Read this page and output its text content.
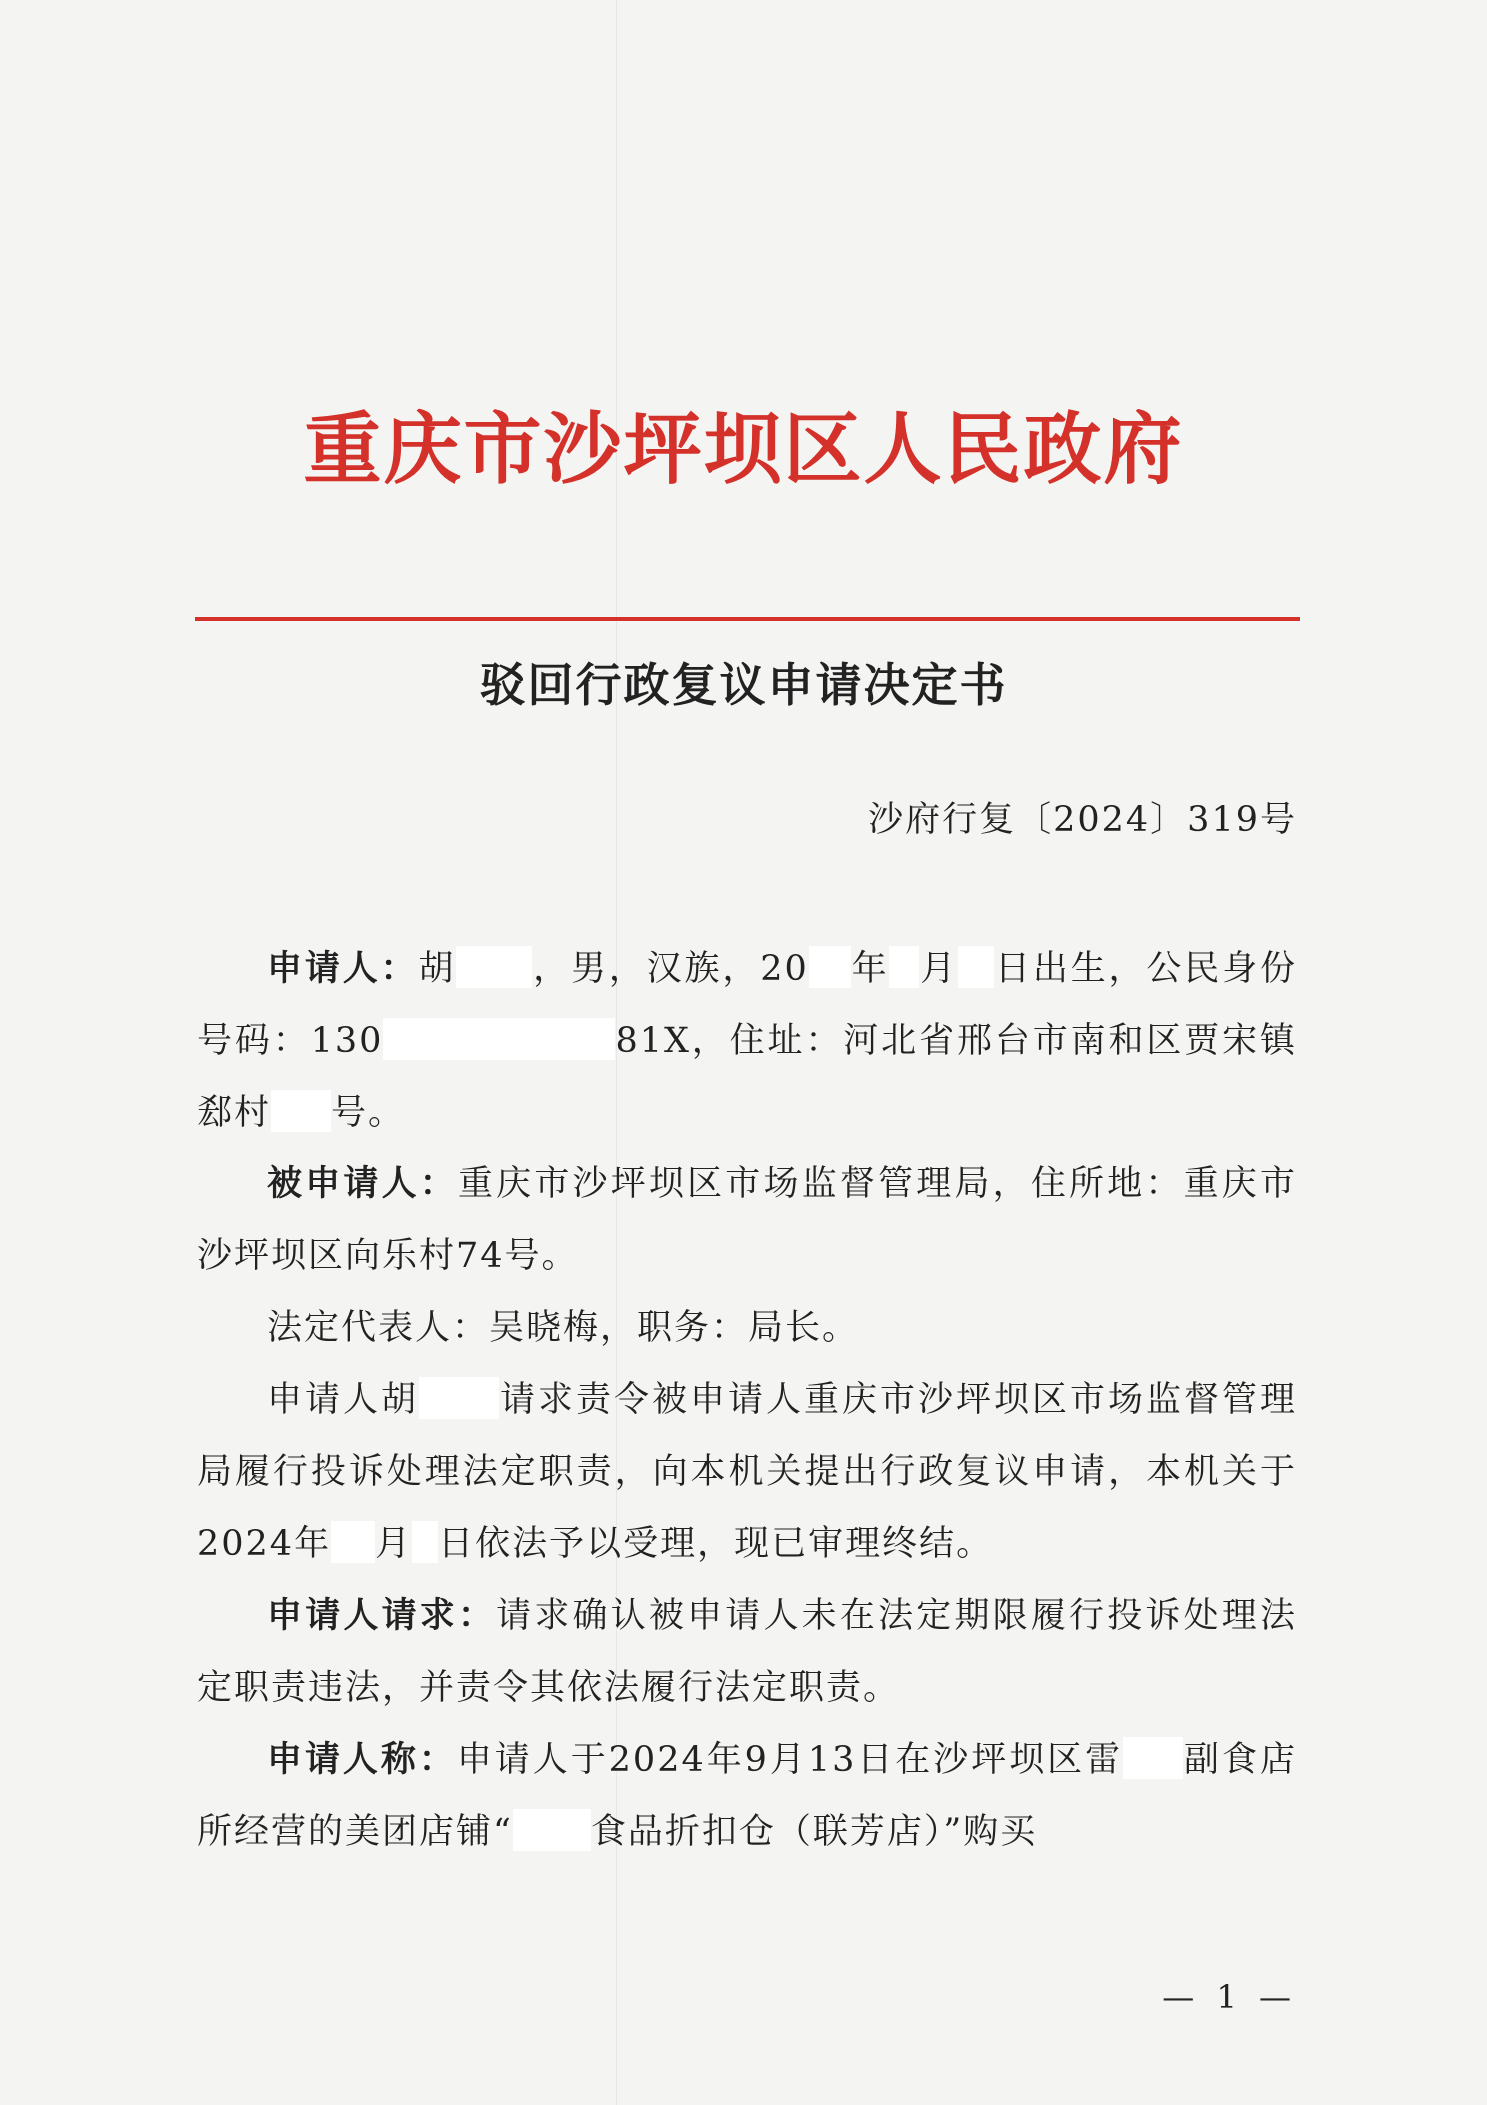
重庆市沙坪坝区人民政府
驳回行政复议申请决定书
沙府行复〔2024〕319号

申请人：胡 ，男，汉族，20 年 月 日出生，公民身份号码：130	81X，住址：河北省邢台市南和区贾宋镇郄村 号。

被申请人：重庆市沙坪坝区市场监督管理局，住所地：重庆市沙坪坝区向乐村74号。

法定代表人：吴晓梅，职务：局长。

申请人胡 请求责令被申请人重庆市沙坪坝区市场监督管理局履行投诉处理法定职责，向本机关提出行政复议申请，本机关于2024年 月 日依法予以受理，现已审理终结。

申请人请求：请求确认被申请人未在法定期限履行投诉处理法定职责违法，并责令其依法履行法定职责。

申请人称：申请人于2024年9月13日在沙坪坝区雷 副食店所经营的美团店铺“ 食品折扣仓（联芳店）”购买

— 1 —
